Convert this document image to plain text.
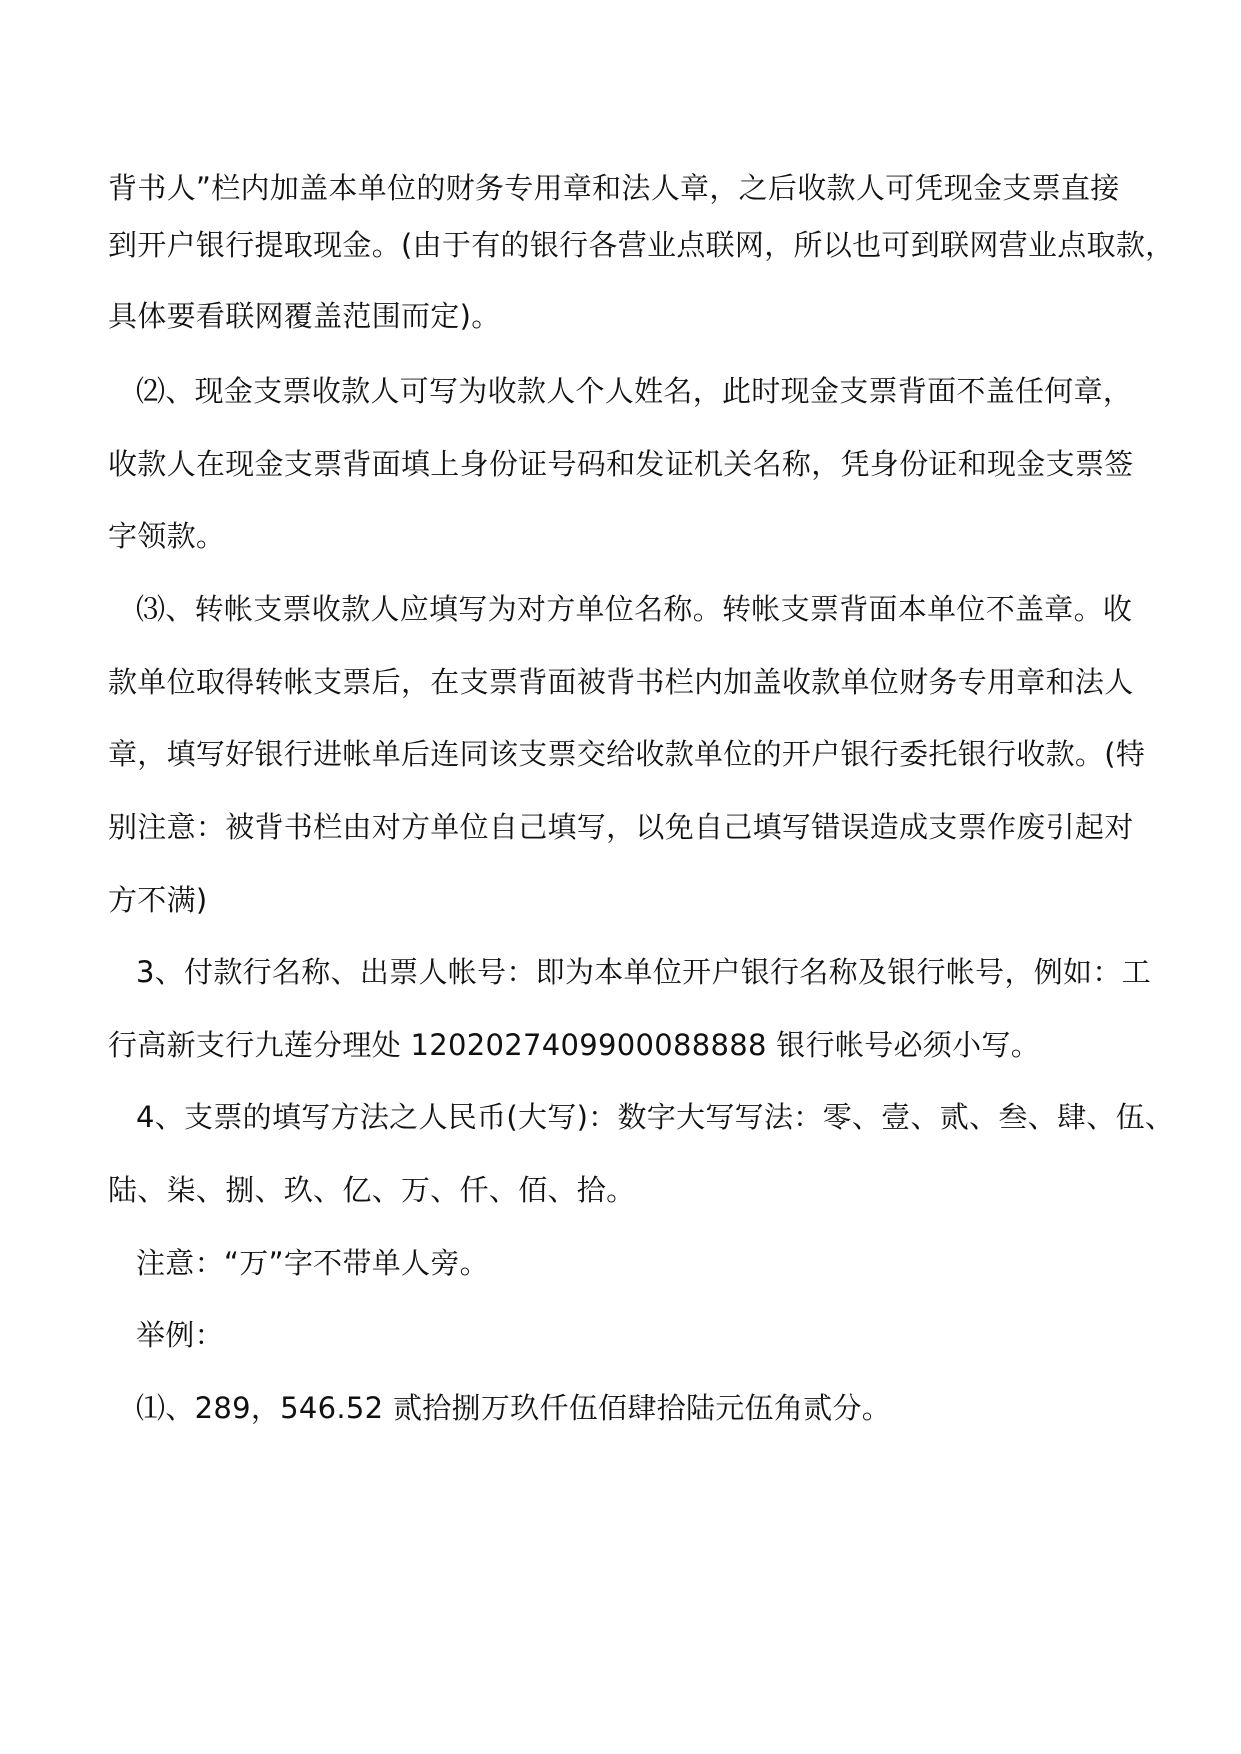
背书人”栏内加盖本单位的财务专用章和法人章，之后收款人可凭现金支票直接
到开户银行提取现金。(由于有的银行各营业点联网，所以也可到联网营业点取款，
具体要看联网覆盖范围而定)。
⑵、现金支票收款人可写为收款人个人姓名，此时现金支票背面不盖任何章，
收款人在现金支票背面填上身份证号码和发证机关名称，凭身份证和现金支票签
字领款。
⑶、转帐支票收款人应填写为对方单位名称。转帐支票背面本单位不盖章。收
款单位取得转帐支票后，在支票背面被背书栏内加盖收款单位财务专用章和法人
章，填写好银行进帐单后连同该支票交给收款单位的开户银行委托银行收款。(特
别注意：被背书栏由对方单位自己填写，以免自己填写错误造成支票作废引起对
方不满)
3、付款行名称、出票人帐号：即为本单位开户银行名称及银行帐号，例如：工
行高新支行九莲分理处 1202027409900088888 银行帐号必须小写。
4、支票的填写方法之人民币(大写)：数字大写写法：零、壹、贰、叁、肆、伍、
陆、柒、捌、玖、亿、万、仟、佰、拾。
注意：“万”字不带单人旁。
举例：
⑴、289，546.52 贰拾捌万玖仟伍佰肆拾陆元伍角贰分。
